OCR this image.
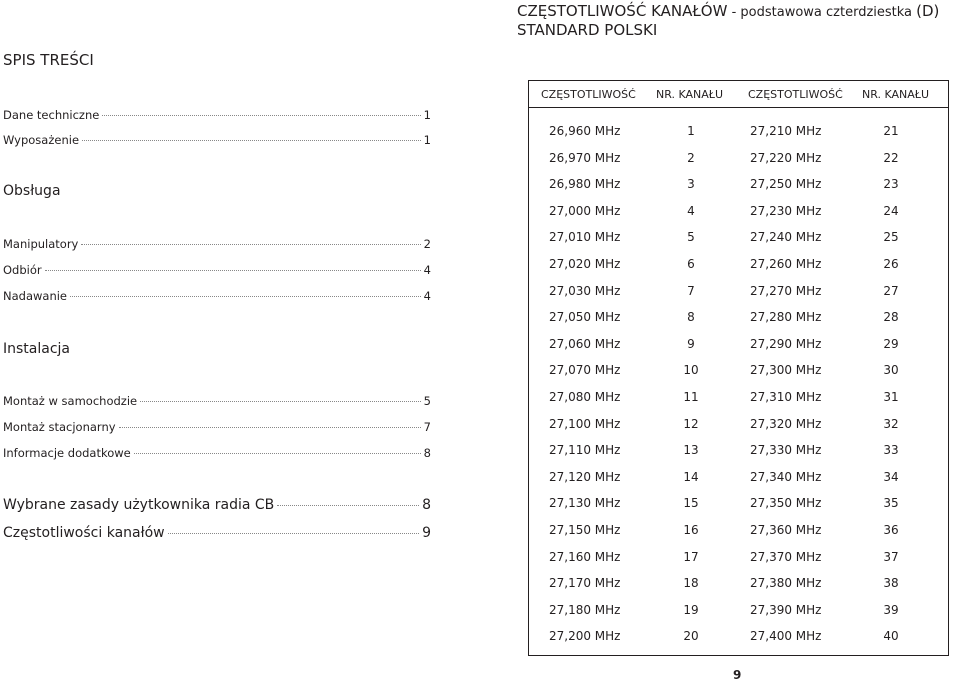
SPIS TREŚCI
Dane techniczne	1
Wyposażenie	1
Obsługa
Manipulatory	2
Odbiór	4
Nadawanie	4
Instalacja
Montaż w samochodzie	5
Montaż stacjonarny	7
Informacje dodatkowe	8
Wybrane zasady użytkownika radia CB	8
Częstotliwości kanałów	9
CZĘSTOTLIWOŚĆ KANAŁÓW - podstawowa czterdziestka (D)
STANDARD POLSKI
CZĘSTOTLIWOŚĆ NR. KANAŁU CZĘSTOTLIWOŚĆ NR. KANAŁU
26,960 MHz	1	27,210 MHz	21
26,970 MHz	2	27,220 MHz	22
26,980 MHz	3	27,250 MHz	23
27,000 MHz	4	27,230 MHz	24
27,010 MHz	5	27,240 MHz	25
27,020 MHz	6	27,260 MHz	26
27,030 MHz	7	27,270 MHz	27
27,050 MHz	8	27,280 MHz	28
27,060 MHz	9	27,290 MHz	29
27,070 MHz	10	27,300 MHz	30
27,080 MHz	11	27,310 MHz	31
27,100 MHz	12	27,320 MHz	32
27,110 MHz	13	27,330 MHz	33
27,120 MHz	14	27,340 MHz	34
27,130 MHz	15	27,350 MHz	35
27,150 MHz	16	27,360 MHz	36
27,160 MHz	17	27,370 MHz	37
27,170 MHz	18	27,380 MHz	38
27,180 MHz	19	27,390 MHz	39
27,200 MHz	20	27,400 MHz	40
9
